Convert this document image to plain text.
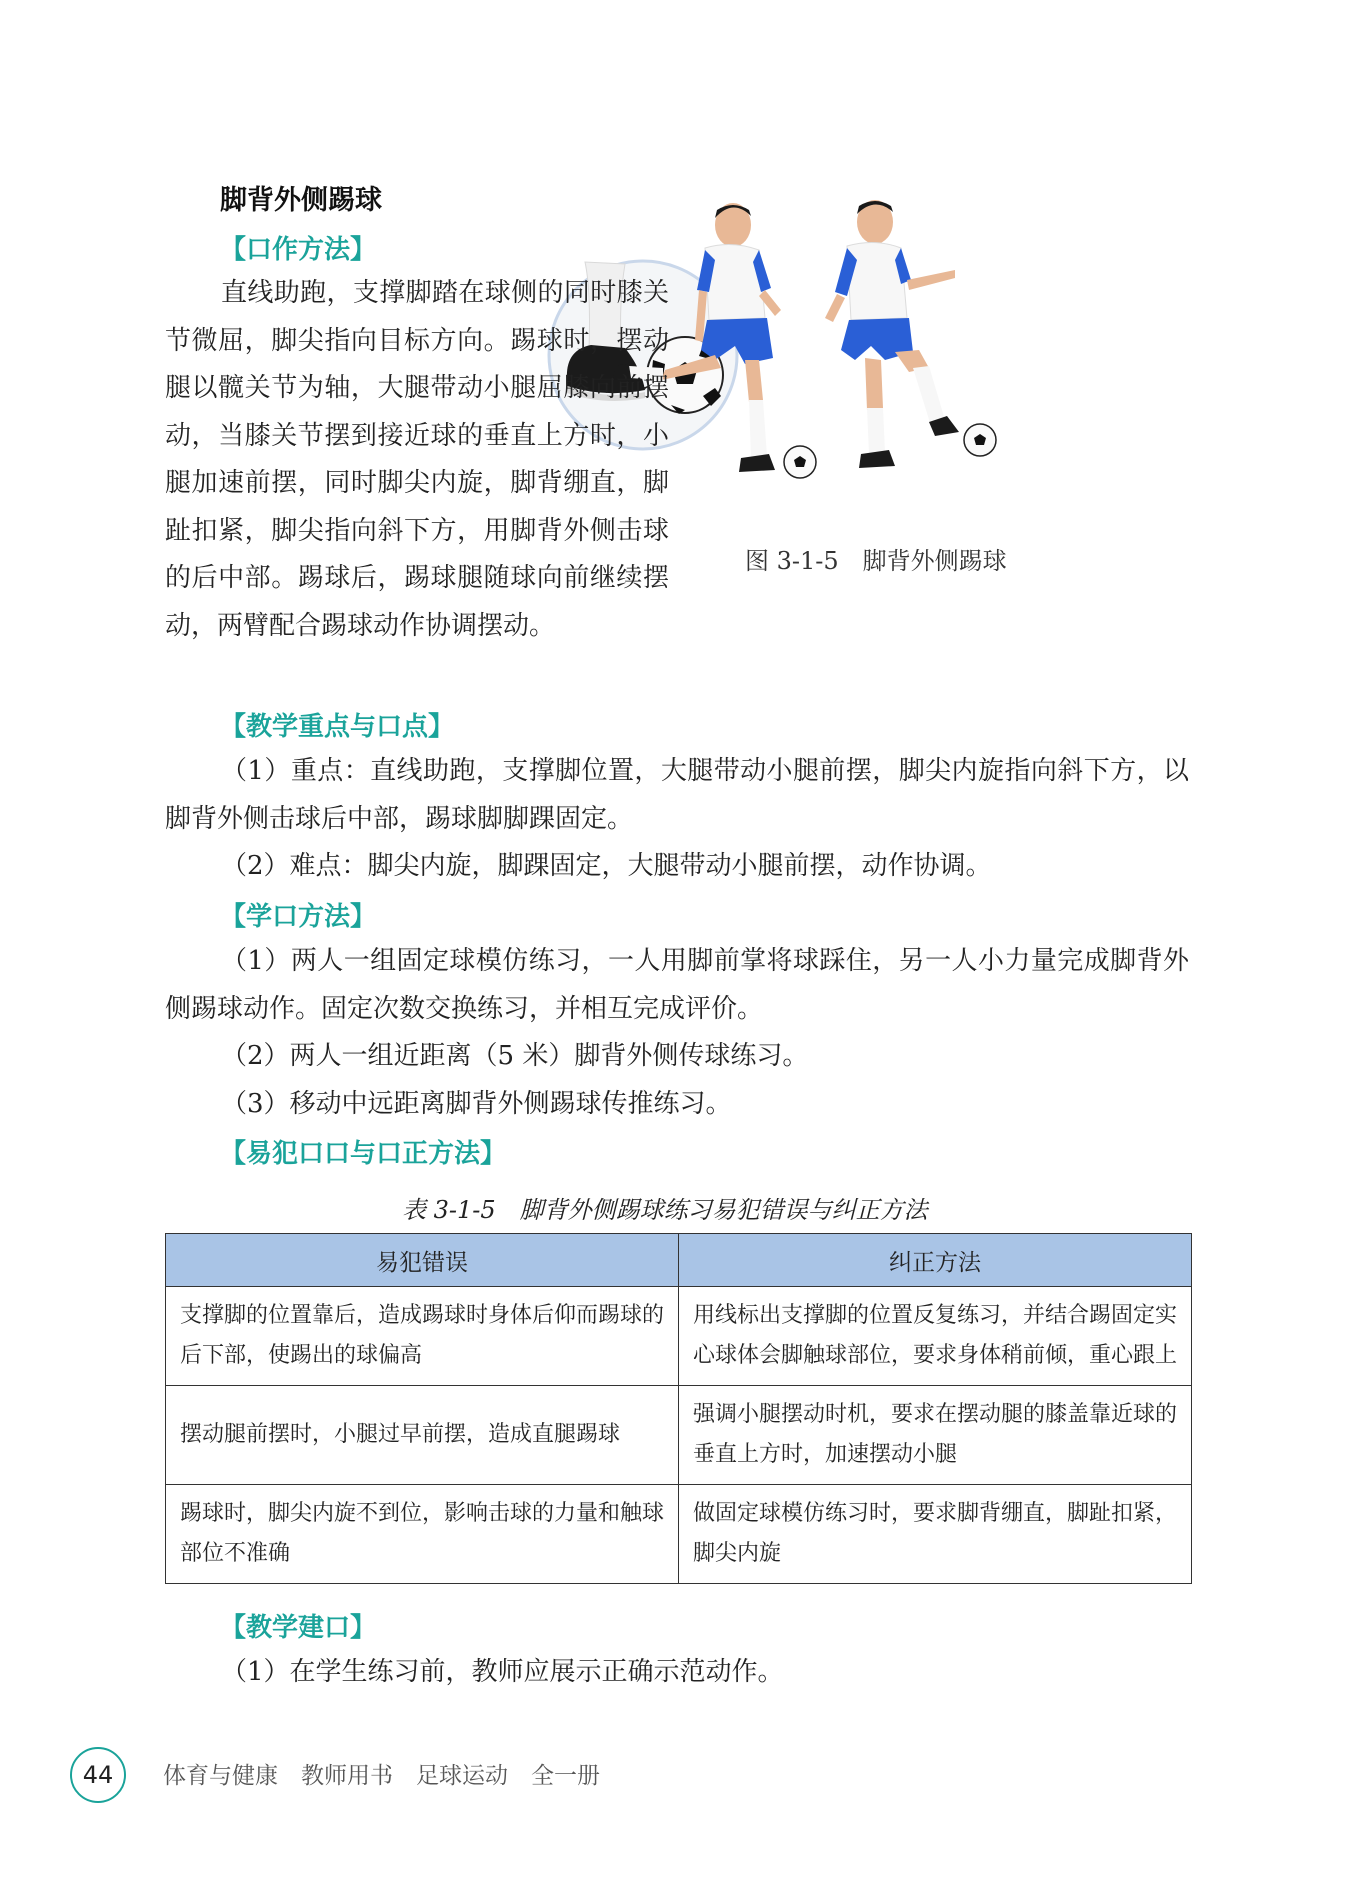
脚背外侧踢球
【口作方法】
图 3-1-5　脚背外侧踢球

直线助跑，支撑脚踏在球侧的同时膝关节微屈，脚尖指向目标方向。踢球时，摆动腿以髋关节为轴，大腿带动小腿屈膝向前摆动，当膝关节摆到接近球的垂直上方时，小腿加速前摆，同时脚尖内旋，脚背绷直，脚趾扣紧，脚尖指向斜下方，用脚背外侧击球的后中部。踢球后，踢球腿随球向前继续摆动，两臂配合踢球动作协调摆动。

【教学重点与口点】

（1）重点：直线助跑，支撑脚位置，大腿带动小腿前摆，脚尖内旋指向斜下方，以脚背外侧击球后中部，踢球脚脚踝固定。

（2）难点：脚尖内旋，脚踝固定，大腿带动小腿前摆，动作协调。

【学口方法】

（1）两人一组固定球模仿练习，一人用脚前掌将球踩住，另一人小力量完成脚背外侧踢球动作。固定次数交换练习，并相互完成评价。

（2）两人一组近距离（5 米）脚背外侧传球练习。

（3）移动中远距离脚背外侧踢球传推练习。

【易犯口口与口正方法】
表 3-1-5　脚背外侧踢球练习易犯错误与纠正方法
易犯错误	纠正方法
支撑脚的位置靠后，造成踢球时身体后仰而踢球的后下部，使踢出的球偏高	用线标出支撑脚的位置反复练习，并结合踢固定实心球体会脚触球部位，要求身体稍前倾，重心跟上
摆动腿前摆时，小腿过早前摆，造成直腿踢球	强调小腿摆动时机，要求在摆动腿的膝盖靠近球的垂直上方时，加速摆动小腿
踢球时，脚尖内旋不到位，影响击球的力量和触球部位不准确	做固定球模仿练习时，要求脚背绷直，脚趾扣紧，脚尖内旋
【教学建口】

（1）在学生练习前，教师应展示正确示范动作。

44	体育与健康　教师用书　足球运动　全一册
